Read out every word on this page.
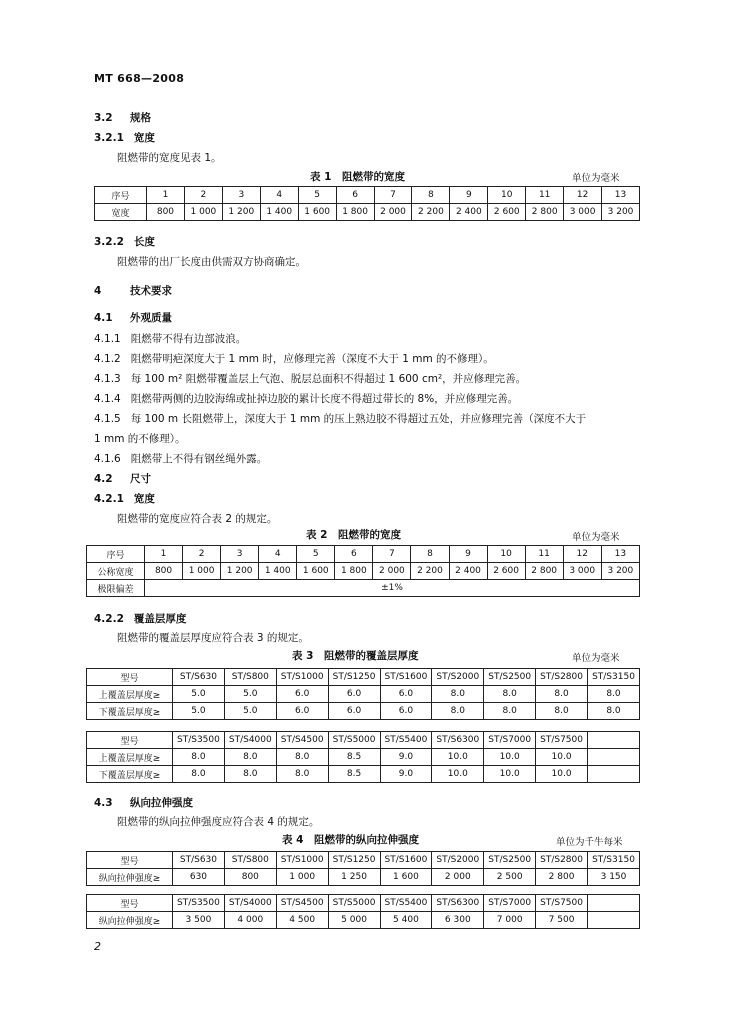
MT 668—2008
3.2 规格
3.2.1 宽度
阻燃带的宽度见表 1。
表 1　阻燃带的宽度	单位为毫米
序号	1	2	3	4	5	6	7	8	9	10	11	12	13
宽度	800	1 000	1 200	1 400	1 600	1 800	2 000	2 200	2 400	2 600	2 800	3 000	3 200
3.2.2 长度
阻燃带的出厂长度由供需双方协商确定。
4	技术要求
4.1 外观质量
4.1.1 阻燃带不得有边部波浪。
4.1.2 阻燃带明疤深度大于 1 mm 时，应修理完善（深度不大于 1 mm 的不修理）。
4.1.3 每 100 m² 阻燃带覆盖层上气泡、脱层总面积不得超过 1 600 cm²，并应修理完善。
4.1.4 阻燃带两侧的边胶海绵或扯掉边胶的累计长度不得超过带长的 8%，并应修理完善。
4.1.5 每 100 m 长阻燃带上，深度大于 1 mm 的压上熟边胶不得超过五处，并应修理完善（深度不大于
1 mm 的不修理）。
4.1.6 阻燃带上不得有钢丝绳外露。
4.2 尺寸
4.2.1 宽度
阻燃带的宽度应符合表 2 的规定。
表 2　阻燃带的宽度	单位为毫米
序号	1	2	3	4	5	6	7	8	9	10	11	12	13
公称宽度	800	1 000	1 200	1 400	1 600	1 800	2 000	2 200	2 400	2 600	2 800	3 000	3 200
极限偏差	±1%												
4.2.2 覆盖层厚度
阻燃带的覆盖层厚度应符合表 3 的规定。
表 3　阻燃带的覆盖层厚度	单位为毫米
型号	ST/S630	ST/S800	ST/S1000	ST/S1250	ST/S1600	ST/S2000	ST/S2500	ST/S2800	ST/S3150
上覆盖层厚度≥	5.0	5.0	6.0	6.0	6.0	8.0	8.0	8.0	8.0
下覆盖层厚度≥	5.0	5.0	6.0	6.0	6.0	8.0	8.0	8.0	8.0
型号	ST/S3500	ST/S4000	ST/S4500	ST/S5000	ST/S5400	ST/S6300	ST/S7000	ST/S7500	
上覆盖层厚度≥	8.0	8.0	8.0	8.5	9.0	10.0	10.0	10.0	
下覆盖层厚度≥	8.0	8.0	8.0	8.5	9.0	10.0	10.0	10.0	
4.3 纵向拉伸强度
阻燃带的纵向拉伸强度应符合表 4 的规定。
表 4　阻燃带的纵向拉伸强度	单位为千牛每米
型号	ST/S630	ST/S800	ST/S1000	ST/S1250	ST/S1600	ST/S2000	ST/S2500	ST/S2800	ST/S3150
纵向拉伸强度≥	630	800	1 000	1 250	1 600	2 000	2 500	2 800	3 150
型号	ST/S3500	ST/S4000	ST/S4500	ST/S5000	ST/S5400	ST/S6300	ST/S7000	ST/S7500	
纵向拉伸强度≥	3 500	4 000	4 500	5 000	5 400	6 300	7 000	7 500	
2
